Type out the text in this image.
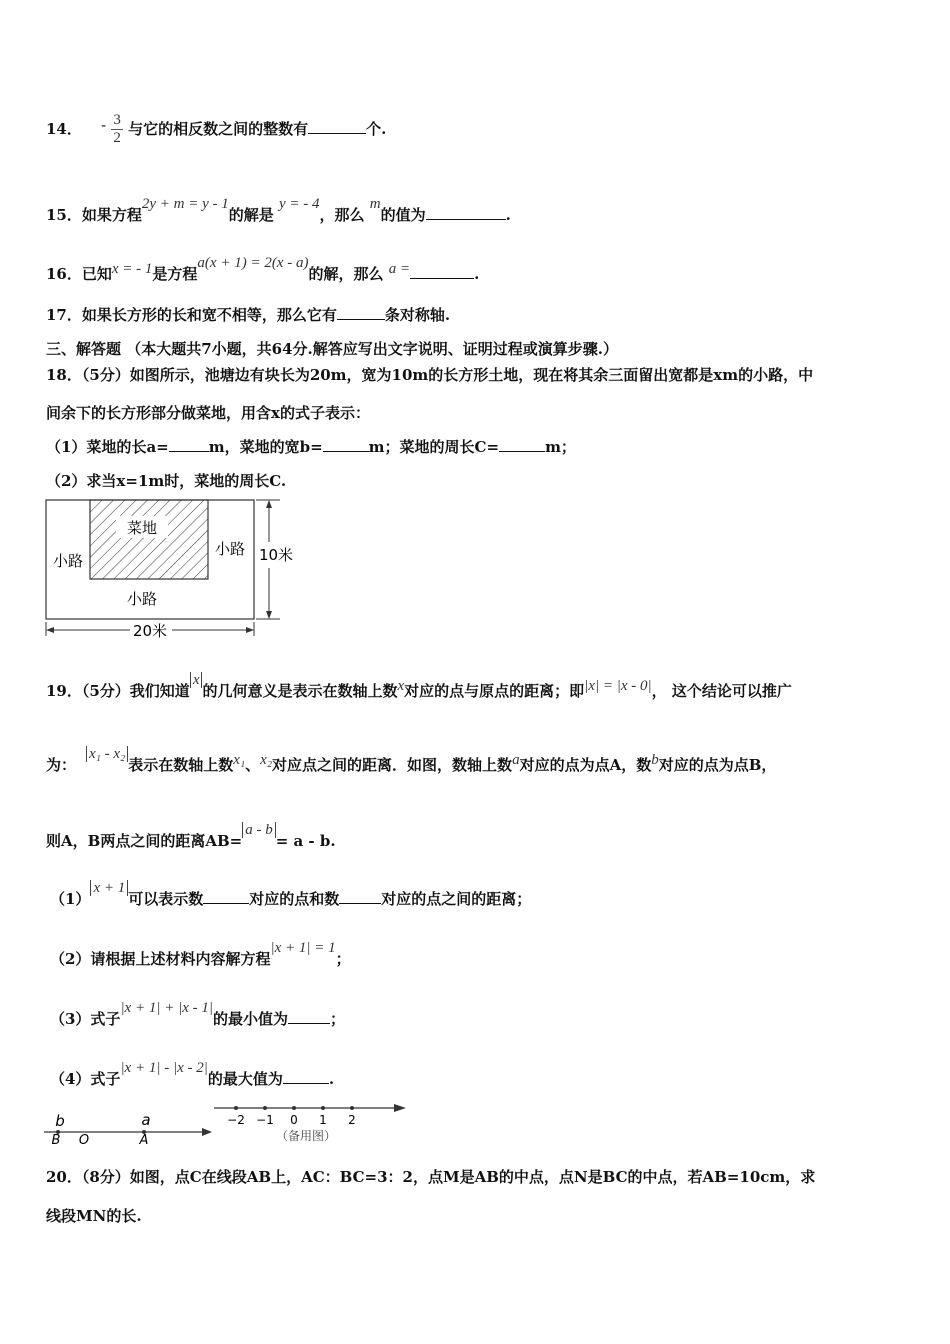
14． - $\frac{3}{2}$ 与它的相反数之间的整数有	个.
15．如果方程2y + m = y - 1的解是 y = - 4，那么 m的值为	.
16．已知x = - 1是方程a(x + 1) = 2(x - a)的解，那么 a =	.
17．如果长方形的长和宽不相等，那么它有	条对称轴.
三、解答题 （本大题共7小题，共64分.解答应写出文字说明、证明过程或演算步骤.）
18．（5分）如图所示，池塘边有块长为20m，宽为10m的长方形土地，现在将其余三面留出宽都是xm的小路，中
间余下的长方形部分做菜地，用含x的式子表示：
（1）菜地的长a=	m，菜地的宽b=	m；菜地的周长C=	m；
（2）求当x=1m时，菜地的周长C.
菜地
小路
小路
小路
20米
10米
19．（5分）我们知道x的几何意义是表示在数轴上数x对应的点与原点的距离；即|x| = |x - 0|， 这个结论可以推广
为：x₁ - x₂表示在数轴上数x₁、x₂对应点之间的距离．如图，数轴上数a对应的点为点A，数b对应的点为点B，
则A，B两点之间的距离AB=a - b= a - b.
（1）x + 1可以表示数	对应的点和数	对应的点之间的距离；
（2）请根据上述材料内容解方程|x + 1| = 1；
（3）式子|x + 1| + |x - 1|的最小值为	；
（4）式子|x + 1| - |x - 2|的最大值为	.
b	a
B O	A
−2 −1 0 1 2
（备用图）
20．（8分）如图，点C在线段AB上，AC：BC=3：2，点M是AB的中点，点N是BC的中点，若AB=10cm，求
线段MN的长.
